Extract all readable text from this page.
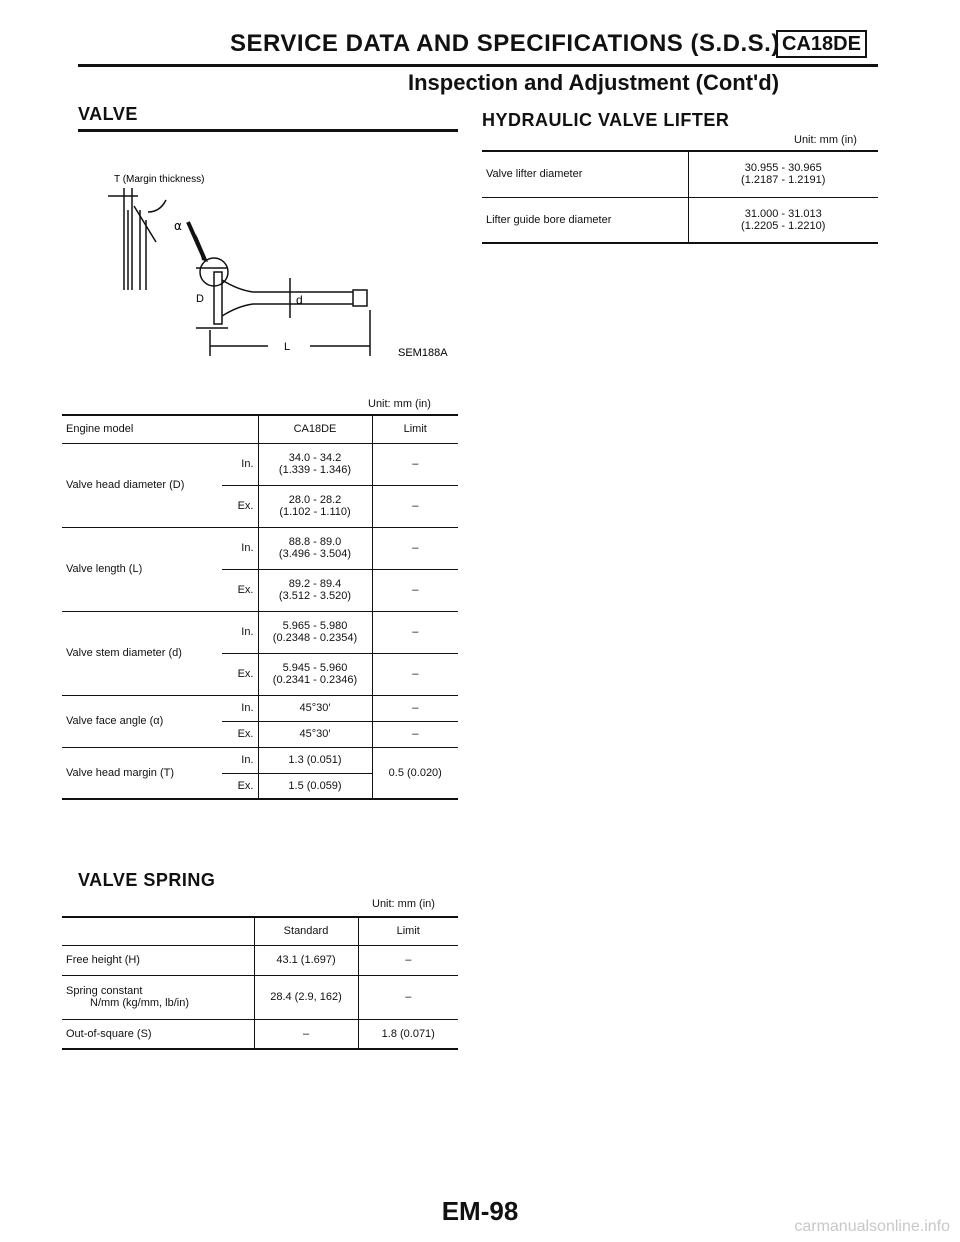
SERVICE DATA AND SPECIFICATIONS (S.D.S.) CA18DE
Inspection and Adjustment (Cont'd)
VALVE
T (Margin thickness)
α
D	d
L	SEM188A
Unit: mm (in)
Engine model		CA18DE	Limit
Valve head diameter (D)	In.	34.0 - 34.2
(1.339 - 1.346)	–
	Ex.	28.0 - 28.2
(1.102 - 1.110)	–
Valve length (L)	In.	88.8 - 89.0
(3.496 - 3.504)	–
	Ex.	89.2 - 89.4
(3.512 - 3.520)	–
Valve stem diameter (d)	In.	5.965 - 5.980
(0.2348 - 0.2354)	–
	Ex.	5.945 - 5.960
(0.2341 - 0.2346)	–
Valve face angle (α)	In.	45°30′	–
	Ex.	45°30′	–
Valve head margin (T)	In.	1.3 (0.051)	0.5 (0.020)
	Ex.	1.5 (0.059)	
VALVE SPRING
Unit: mm (in)
	Standard	Limit
Free height (H)	43.1 (1.697)	–
Spring constant
N/mm (kg/mm, lb/in)	28.4 (2.9, 162)	–
Out-of-square (S)	–	1.8 (0.071)
HYDRAULIC VALVE LIFTER
Unit: mm (in)
Valve lifter diameter	30.955 - 30.965
(1.2187 - 1.2191)
Lifter guide bore diameter	31.000 - 31.013
(1.2205 - 1.2210)
EM-98
carmanualsonline.info
